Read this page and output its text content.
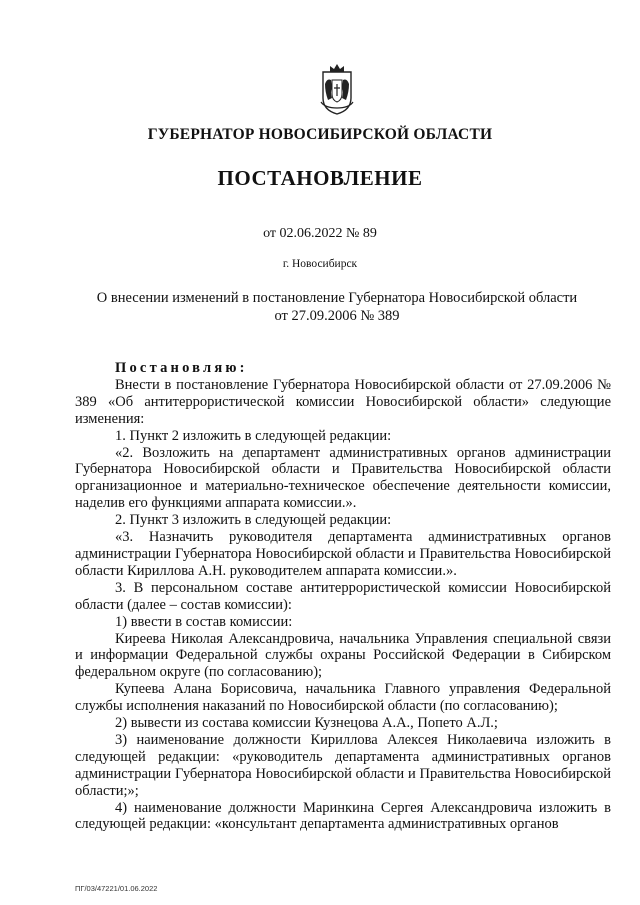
ГУБЕРНАТОР НОВОСИБИРСКОЙ ОБЛАСТИ
ПОСТАНОВЛЕНИЕ
от 02.06.2022 № 89
г. Новосибирск
О внесении изменений в постановление Губернатора Новосибирской области
от 27.09.2006 № 389

Постановляю:

Внести в постановление Губернатора Новосибирской области от 27.09.2006 № 389 «Об антитеррористической комиссии Новосибирской области» следующие изменения:

1. Пункт 2 изложить в следующей редакции:

«2. Возложить на департамент административных органов администрации Губернатора Новосибирской области и Правительства Новосибирской области организационное и материально-техническое обеспечение деятельности комиссии, наделив его функциями аппарата комиссии.».

2. Пункт 3 изложить в следующей редакции:

«3. Назначить руководителя департамента административных органов администрации Губернатора Новосибирской области и Правительства Новосибирской области Кириллова А.Н. руководителем аппарата комиссии.».

3. В персональном составе антитеррористической комиссии Новосибирской области (далее – состав комиссии):

1) ввести в состав комиссии:

Киреева Николая Александровича, начальника Управления специальной связи и информации Федеральной службы охраны Российской Федерации в Сибирском федеральном округе (по согласованию);

Купеева Алана Борисовича, начальника Главного управления Федеральной службы исполнения наказаний по Новосибирской области (по согласованию);

2) вывести из состава комиссии Кузнецова А.А., Попето А.Л.;

3) наименование должности Кириллова Алексея Николаевича изложить в следующей редакции: «руководитель департамента административных органов администрации Губернатора Новосибирской области и Правительства Новосибирской области;»;

4) наименование должности Маринкина Сергея Александровича изложить в следующей редакции: «консультант департамента административных органов

ПГ/03/47221/01.06.2022
